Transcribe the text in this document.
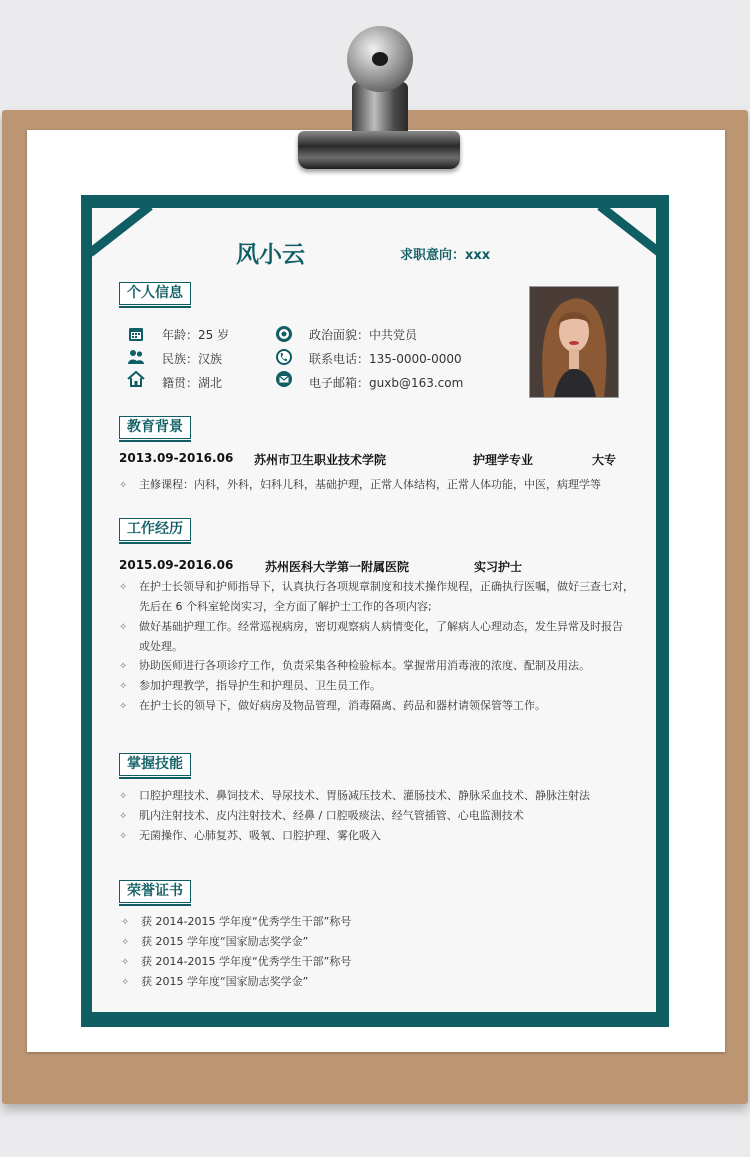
风小云	求职意向：xxx
个人信息
年龄：25 岁
民族：汉族
籍贯：湖北
政治面貌：中共党员
联系电话：135-0000-0000
电子邮箱：guxb@163.com
教育背景
2013.09-2016.06 苏州市卫生职业技术学院	护理学专业	大专
✧ 主修课程：内科，外科，妇科儿科，基础护理，正常人体结构，正常人体功能，中医，病理学等
工作经历
2015.09-2016.06	苏州医科大学第一附属医院	实习护士
✧ 在护士长领导和护师指导下，认真执行各项规章制度和技术操作规程，正确执行医嘱，做好三查七对，
先后在 6 个科室轮岗实习，全方面了解护士工作的各项内容;
✧ 做好基础护理工作。经常巡视病房，密切观察病人病情变化，了解病人心理动态，发生异常及时报告
或处理。
✧ 协助医师进行各项诊疗工作，负责采集各种检验标本。掌握常用消毒液的浓度、配制及用法。
✧ 参加护理教学，指导护生和护理员、卫生员工作。
✧ 在护士长的领导下，做好病房及物品管理，消毒隔离、药品和器材请领保管等工作。
掌握技能
✧ 口腔护理技术、鼻饲技术、导尿技术、胃肠减压技术、灌肠技术、静脉采血技术、静脉注射法
✧ 肌内注射技术、皮内注射技术、经鼻 / 口腔吸痰法、经气管插管、心电监测技术
✧ 无菌操作、心肺复苏、吸氧、口腔护理、雾化吸入
荣誉证书
✧ 获 2014-2015 学年度“优秀学生干部”称号
✧ 获 2015 学年度“国家励志奖学金”
✧ 获 2014-2015 学年度“优秀学生干部”称号
✧ 获 2015 学年度“国家励志奖学金”
